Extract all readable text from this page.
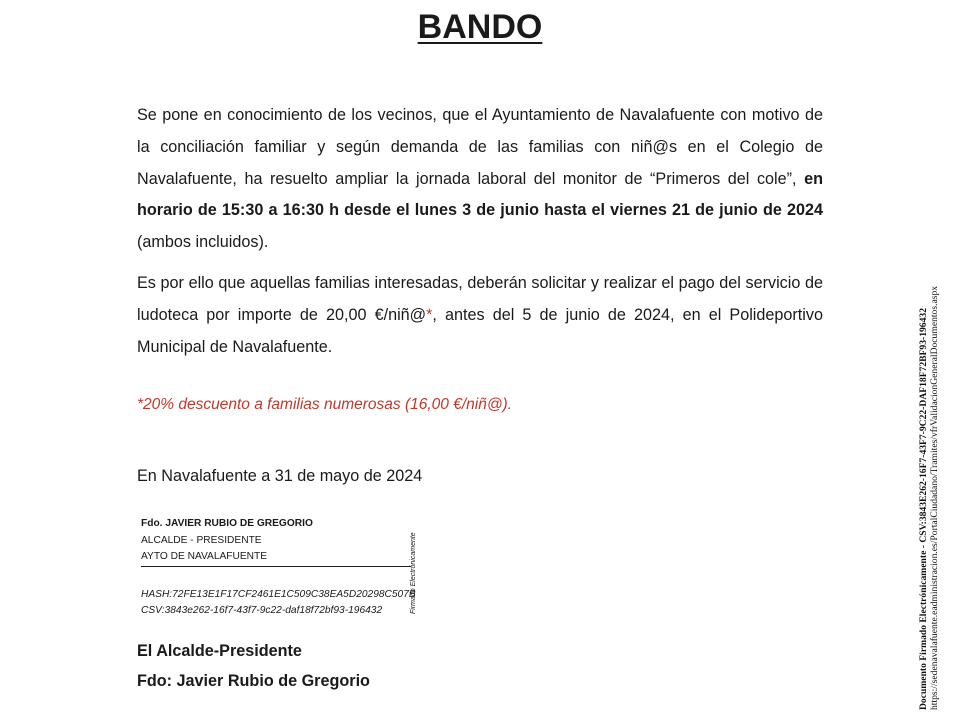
BANDO

Se pone en conocimiento de los vecinos, que el Ayuntamiento de Navalafuente con motivo de la conciliación familiar y según demanda de las familias con niñ@s en el Colegio de Navalafuente, ha resuelto ampliar la jornada laboral del monitor de “Primeros del cole”, en horario de 15:30 a 16:30 h desde el lunes 3 de junio hasta el viernes 21 de junio de 2024 (ambos incluidos).

Es por ello que aquellas familias interesadas, deberán solicitar y realizar el pago del servicio de ludoteca por importe de 20,00 €/niñ@*, antes del 5 de junio de 2024, en el Polideportivo Municipal de Navalafuente.

*20% descuento a familias numerosas (16,00 €/niñ@).
En Navalafuente a 31 de mayo de 2024
Fdo. JAVIER RUBIO DE GREGORIO
ALCALDE - PRESIDENTE
AYTO DE NAVALAFUENTE
HASH:72FE13E1F17CF2461E1C509C38EA5D20298C507B
CSV:3843e262-16f7-43f7-9c22-daf18f72bf93-196432	Firmado Electrónicamente
El Alcalde-Presidente
Fdo: Javier Rubio de Gregorio	Documento Firmado Electrónicamente - CSV:3843E262-16F7-43F7-9C22-DAF18F72BF93-196432 https://sedenavalafuente.eadministracion.es/PortalCiudadano/Tramites/vfrValidacionGeneralDocumentos.aspx
